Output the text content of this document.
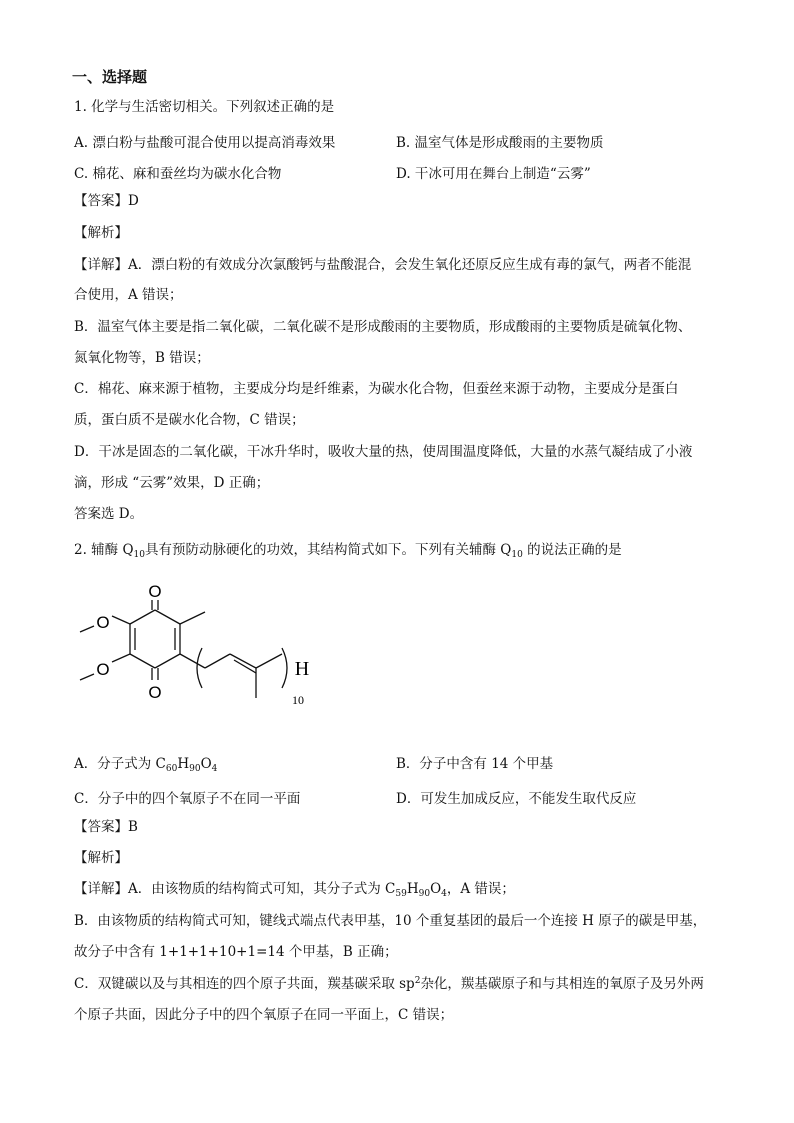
一、选择题
1. 化学与生活密切相关。下列叙述正确的是
A. 漂白粉与盐酸可混合使用以提高消毒效果	B. 温室气体是形成酸雨的主要物质
C. 棉花、麻和蚕丝均为碳水化合物	D. 干冰可用在舞台上制造“云雾”
【答案】D
【解析】
【详解】A．漂白粉的有效成分次氯酸钙与盐酸混合，会发生氧化还原反应生成有毒的氯气，两者不能混
合使用，A 错误；
B．温室气体主要是指二氧化碳，二氧化碳不是形成酸雨的主要物质，形成酸雨的主要物质是硫氧化物、
氮氧化物等，B 错误；
C．棉花、麻来源于植物，主要成分均是纤维素，为碳水化合物，但蚕丝来源于动物，主要成分是蛋白
质，蛋白质不是碳水化合物，C 错误；
D．干冰是固态的二氧化碳，干冰升华时，吸收大量的热，使周围温度降低，大量的水蒸气凝结成了小液
滴，形成 “云雾”效果，D 正确；
答案选 D。
2. 辅酶 $Q_{10}$具有预防动脉硬化的功效，其结构简式如下。下列有关辅酶 $Q_{10}$ 的说法正确的是
O
O
O
O	H
10
A．分子式为 $C_{60}H_{90}O_4$	B．分子中含有 14 个甲基
C．分子中的四个氧原子不在同一平面	D．可发生加成反应，不能发生取代反应
【答案】B
【解析】
【详解】A．由该物质的结构简式可知，其分子式为 $C_{59}H_{90}O_4$，A 错误；
B．由该物质的结构简式可知，键线式端点代表甲基，10 个重复基团的最后一个连接 H 原子的碳是甲基，
故分子中含有 1+1+1+10+1=14 个甲基，B 正确；
C．双键碳以及与其相连的四个原子共面，羰基碳采取 $sp^2$杂化，羰基碳原子和与其相连的氧原子及另外两
个原子共面，因此分子中的四个氧原子在同一平面上，C 错误；
